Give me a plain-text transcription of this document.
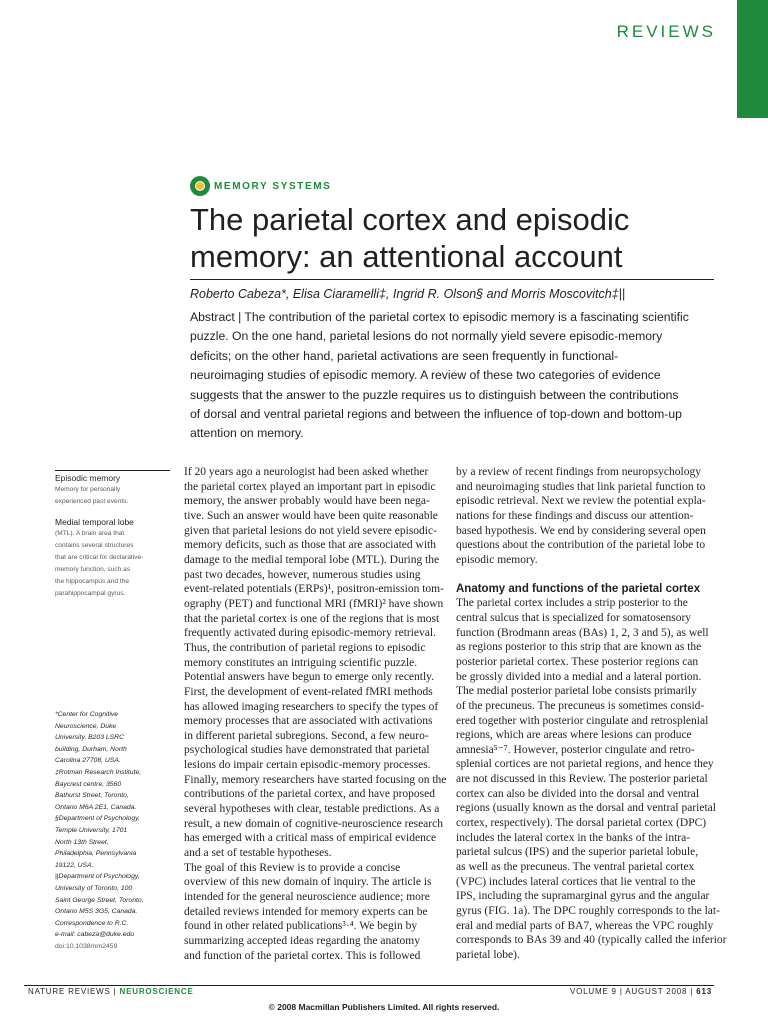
REVIEWS
MEMORY SYSTEMS
The parietal cortex and episodic
memory: an attentional account
Roberto Cabeza*, Elisa Ciaramelli‡, Ingrid R. Olson§ and Morris Moscovitch‡||
Abstract | The contribution of the parietal cortex to episodic memory is a fascinating scientific
puzzle. On the one hand, parietal lesions do not normally yield severe episodic-memory
deficits; on the other hand, parietal activations are seen frequently in functional-
neuroimaging studies of episodic memory. A review of these two categories of evidence
suggests that the answer to the puzzle requires us to distinguish between the contributions
of dorsal and ventral parietal regions and between the influence of top-down and bottom-up
attention on memory.
Episodic memory
Memory for personally
experienced past events.
Medial temporal lobe
(MTL). A brain area that
contains several structures
that are critical for declarative-
memory function, such as
the hippocampus and the
parahippocampal gyrus.
*Center for Cognitive
Neuroscience, Duke
University, B203 LSRC
building, Durham, North
Carolina 27708, USA.
‡Rotman Research Institute,
Baycrest centre, 3560
Bathurst Street, Toronto,
Ontario M6A 2E1, Canada.
§Department of Psychology,
Temple University, 1701
North 13th Street,
Philadelphia, Pennsylvania
19122, USA.
||Department of Psychology,
University of Toronto, 100
Saint George Street, Toronto,
Ontario M5S 3G5, Canada.
Correspondence to R.C.
e-mail: cabeza@duke.edu
doi:10.1038/nrn2459
If 20 years ago a neurologist had been asked whether
the parietal cortex played an important part in episodic
memory, the answer probably would have been nega-
tive. Such an answer would have been quite reasonable
given that parietal lesions do not yield severe episodic-
memory deficits, such as those that are associated with
damage to the medial temporal lobe (MTL). During the
past two decades, however, numerous studies using
event-related potentials (ERPs)¹, positron-emission tom-
ography (PET) and functional MRI (fMRI)² have shown
that the parietal cortex is one of the regions that is most
frequently activated during episodic-memory retrieval.
Thus, the contribution of parietal regions to episodic
memory constitutes an intriguing scientific puzzle.
Potential answers have begun to emerge only recently.
First, the development of event-related fMRI methods
has allowed imaging researchers to specify the types of
memory processes that are associated with activations
in different parietal subregions. Second, a few neuro-
psychological studies have demonstrated that parietal
lesions do impair certain episodic-memory processes.
Finally, memory researchers have started focusing on the
contributions of the parietal cortex, and have proposed
several hypotheses with clear, testable predictions. As a
result, a new domain of cognitive-neuroscience research
has emerged with a critical mass of empirical evidence
and a set of testable hypotheses.
The goal of this Review is to provide a concise
overview of this new domain of inquiry. The article is
intended for the general neuroscience audience; more
detailed reviews intended for memory experts can be
found in other related publications³·⁴. We begin by
summarizing accepted ideas regarding the anatomy
and function of the parietal cortex. This is followed
by a review of recent findings from neuropsychology
and neuroimaging studies that link parietal function to
episodic retrieval. Next we review the potential expla-
nations for these findings and discuss our attention-
based hypothesis. We end by considering several open
questions about the contribution of the parietal lobe to
episodic memory.
Anatomy and functions of the parietal cortex
The parietal cortex includes a strip posterior to the
central sulcus that is specialized for somatosensory
function (Brodmann areas (BAs) 1, 2, 3 and 5), as well
as regions posterior to this strip that are known as the
posterior parietal cortex. These posterior regions can
be grossly divided into a medial and a lateral portion.
The medial posterior parietal lobe consists primarily
of the precuneus. The precuneus is sometimes consid-
ered together with posterior cingulate and retrosplenial
regions, which are areas where lesions can produce
amnesia⁵⁻⁷. However, posterior cingulate and retro-
splenial cortices are not parietal regions, and hence they
are not discussed in this Review. The posterior parietal
cortex can also be divided into the dorsal and ventral
regions (usually known as the dorsal and ventral parietal
cortex, respectively). The dorsal parietal cortex (DPC)
includes the lateral cortex in the banks of the intra-
parietal sulcus (IPS) and the superior parietal lobule,
as well as the precuneus. The ventral parietal cortex
(VPC) includes lateral cortices that lie ventral to the
IPS, including the supramarginal gyrus and the angular
gyrus (FIG. 1a). The DPC roughly corresponds to the lat-
eral and medial parts of BA7, whereas the VPC roughly
corresponds to BAs 39 and 40 (typically called the inferior
parietal lobe).
NATURE REVIEWS | NEUROSCIENCE	VOLUME 9 | AUGUST 2008 | 613
© 2008 Macmillan Publishers Limited. All rights reserved.
